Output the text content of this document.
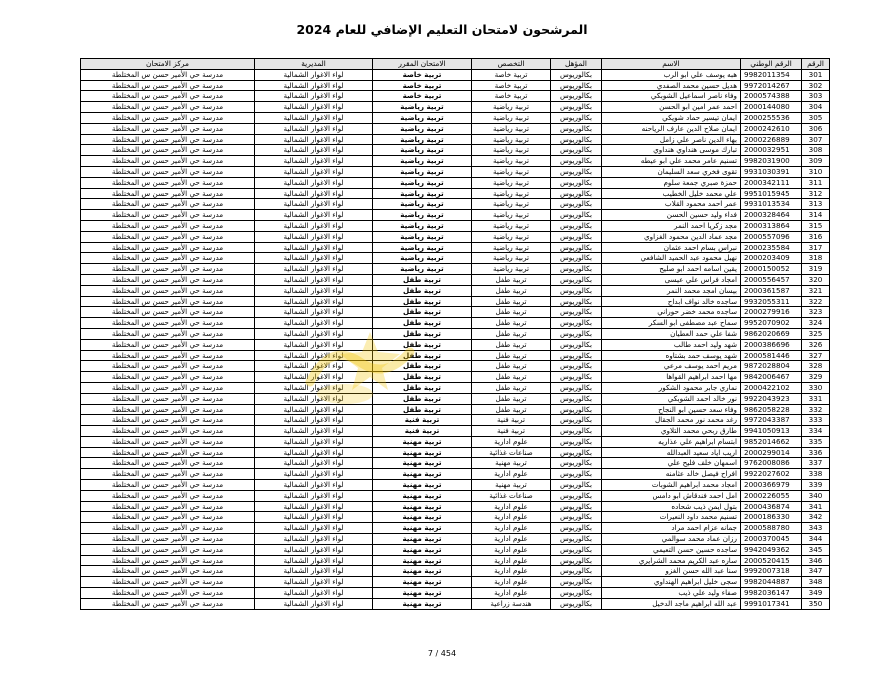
المرشحون لامتحان التعليم الإضافي للعام 2024
الرقم	الرقم الوطني	الاسم	المؤهل	التخصص	الامتحان المقرر	المديرية	مركز الامتحان
301	9982011354	هبه يوسف علي ابو الرب	بكالوريوس	تربية خاصة	تربية خاصة	لواء الاغوار الشمالية	مدرسة حي الأمير حسن س المختلطة
302	9972014267	هديل حسين محمد الصفدي	بكالوريوس	تربية خاصة	تربية خاصة	لواء الاغوار الشمالية	مدرسة حي الأمير حسن س المختلطة
303	2000574388	وفاء ناصر اسماعيل الشوبكي	بكالوريوس	تربية خاصة	تربية خاصة	لواء الاغوار الشمالية	مدرسة حي الأمير حسن س المختلطة
304	2000144080	احمد عمر امين ابو الحسن	بكالوريوس	تربية رياضية	تربية رياضية	لواء الاغوار الشمالية	مدرسة حي الأمير حسن س المختلطة
305	2000255536	ايمان تيسير حماد شويكي	بكالوريوس	تربية رياضية	تربية رياضية	لواء الاغوار الشمالية	مدرسة حي الأمير حسن س المختلطة
306	2000242610	ايمان صلاح الدين عارف الرياحنه	بكالوريوس	تربية رياضية	تربية رياضية	لواء الاغوار الشمالية	مدرسة حي الأمير حسن س المختلطة
307	2000226889	بهاء الدين ناصر علي زامل	بكالوريوس	تربية رياضية	تربية رياضية	لواء الاغوار الشمالية	مدرسة حي الأمير حسن س المختلطة
308	2000032951	تبارك موسى هنداوي هنداوي	بكالوريوس	تربية رياضية	تربية رياضية	لواء الاغوار الشمالية	مدرسة حي الأمير حسن س المختلطة
309	9982031900	تسنيم عامر محمد علي ابو عيطه	بكالوريوس	تربية رياضية	تربية رياضية	لواء الاغوار الشمالية	مدرسة حي الأمير حسن س المختلطة
310	9931030391	تقوى فخري سعد السليمان	بكالوريوس	تربية رياضية	تربية رياضية	لواء الاغوار الشمالية	مدرسة حي الأمير حسن س المختلطة
311	2000342111	حمزة صبري جمعة سلوم	بكالوريوس	تربية رياضية	تربية رياضية	لواء الاغوار الشمالية	مدرسة حي الأمير حسن س المختلطة
312	9951015945	علي محمد خليل الخطيب	بكالوريوس	تربية رياضية	تربية رياضية	لواء الاغوار الشمالية	مدرسة حي الأمير حسن س المختلطة
313	9931013534	عمر احمد محمود القلاب	بكالوريوس	تربية رياضية	تربية رياضية	لواء الاغوار الشمالية	مدرسة حي الأمير حسن س المختلطة
314	2000328464	فداء وليد حسين الحسن	بكالوريوس	تربية رياضية	تربية رياضية	لواء الاغوار الشمالية	مدرسة حي الأمير حسن س المختلطة
315	2000313864	مجد زكريا احمد النمر	بكالوريوس	تربية رياضية	تربية رياضية	لواء الاغوار الشمالية	مدرسة حي الأمير حسن س المختلطة
316	2000557096	مجد عماد الدين محمود الغزاوي	بكالوريوس	تربية رياضية	تربية رياضية	لواء الاغوار الشمالية	مدرسة حي الأمير حسن س المختلطة
317	2000235584	نبراس بسام احمد عثمان	بكالوريوس	تربية رياضية	تربية رياضية	لواء الاغوار الشمالية	مدرسة حي الأمير حسن س المختلطة
318	2000203409	نهيل محمود عبد الحميد الشافعي	بكالوريوس	تربية رياضية	تربية رياضية	لواء الاغوار الشمالية	مدرسة حي الأمير حسن س المختلطة
319	2000150052	يقين اسامه احمد ابو صليح	بكالوريوس	تربية رياضية	تربية رياضية	لواء الاغوار الشمالية	مدرسة حي الأمير حسن س المختلطة
320	2000556457	امجاد فراس علي عيسى	بكالوريوس	تربية طفل	تربية طفل	لواء الاغوار الشمالية	مدرسة حي الأمير حسن س المختلطة
321	2000361587	بيسان امجد محمد النمر	بكالوريوس	تربية طفل	تربية طفل	لواء الاغوار الشمالية	مدرسة حي الأمير حسن س المختلطة
322	9932055311	ساجده خالد نواف ابداح	بكالوريوس	تربية طفل	تربية طفل	لواء الاغوار الشمالية	مدرسة حي الأمير حسن س المختلطة
323	2000279916	ساجده محمد خضر حوراني	بكالوريوس	تربية طفل	تربية طفل	لواء الاغوار الشمالية	مدرسة حي الأمير حسن س المختلطة
324	9952070902	سماح عبد مصطفى ابو السكر	بكالوريوس	تربية طفل	تربية طفل	لواء الاغوار الشمالية	مدرسة حي الأمير حسن س المختلطة
325	9862020669	شفا علي حمد العطيان	بكالوريوس	تربية طفل	تربية طفل	لواء الاغوار الشمالية	مدرسة حي الأمير حسن س المختلطة
326	2000386696	شهد وليد احمد طالب	بكالوريوس	تربية طفل	تربية طفل	لواء الاغوار الشمالية	مدرسة حي الأمير حسن س المختلطة
327	2000581446	شهد يوسف حمد بشتاوه	بكالوريوس	تربية طفل	تربية طفل	لواء الاغوار الشمالية	مدرسة حي الأمير حسن س المختلطة
328	9872028804	مريم احمد يوسف مرعي	بكالوريوس	تربية طفل	تربية طفل	لواء الاغوار الشمالية	مدرسة حي الأمير حسن س المختلطة
329	9842006467	مها احمد ابراهيم القواها	بكالوريوس	تربية طفل	تربية طفل	لواء الاغوار الشمالية	مدرسة حي الأمير حسن س المختلطة
330	2000422102	نماري جابر محمود الشكور	بكالوريوس	تربية طفل	تربية طفل	لواء الاغوار الشمالية	مدرسة حي الأمير حسن س المختلطة
331	9922043923	نور خالد احمد الشوبكي	بكالوريوس	تربية طفل	تربية طفل	لواء الاغوار الشمالية	مدرسة حي الأمير حسن س المختلطة
332	9862058228	وفاء سعد حسين ابو النجاح	بكالوريوس	تربية طفل	تربية طفل	لواء الاغوار الشمالية	مدرسة حي الأمير حسن س المختلطة
333	9972043387	رغد محمد نور محمد الجقال	بكالوريوس	تربية فنية	تربية فنية	لواء الاغوار الشمالية	مدرسة حي الأمير حسن س المختلطة
334	9941050913	طارق ربحي محمد التلاوي	بكالوريوس	تربية فنية	تربية فنية	لواء الاغوار الشمالية	مدرسة حي الأمير حسن س المختلطة
335	9852014662	ابتسام ابراهيم علي عذاريه	بكالوريوس	علوم ادارية	تربية مهنية	لواء الاغوار الشمالية	مدرسة حي الأمير حسن س المختلطة
336	2000299014	اريب اياد سعيد العبدالله	بكالوريوس	صناعات غذائية	تربية مهنية	لواء الاغوار الشمالية	مدرسة حي الأمير حسن س المختلطة
337	9762008086	اسمهان خلف فليح علي	بكالوريوس	تربية مهنية	تربية مهنية	لواء الاغوار الشمالية	مدرسة حي الأمير حسن س المختلطة
338	9922027602	افراح فيصل خالد عثامنه	بكالوريوس	علوم ادارية	تربية مهنية	لواء الاغوار الشمالية	مدرسة حي الأمير حسن س المختلطة
339	2000366979	امجاد محمد ابراهيم الشوبات	بكالوريوس	تربية مهنية	تربية مهنية	لواء الاغوار الشمالية	مدرسة حي الأمير حسن س المختلطة
340	2000226055	امل احمد فندقاش ابو دامس	بكالوريوس	صناعات غذائية	تربية مهنية	لواء الاغوار الشمالية	مدرسة حي الأمير حسن س المختلطة
341	2000436874	بتول ايمن ذيب شحاده	بكالوريوس	علوم ادارية	تربية مهنية	لواء الاغوار الشمالية	مدرسة حي الأمير حسن س المختلطة
342	2000186330	تسنيم محمد داود النعيرات	بكالوريوس	علوم ادارية	تربية مهنية	لواء الاغوار الشمالية	مدرسة حي الأمير حسن س المختلطة
343	2000588780	جمانه عزام احمد مراد	بكالوريوس	علوم ادارية	تربية مهنية	لواء الاغوار الشمالية	مدرسة حي الأمير حسن س المختلطة
344	2000370045	رزان عماد محمد سوالمي	بكالوريوس	علوم ادارية	تربية مهنية	لواء الاغوار الشمالية	مدرسة حي الأمير حسن س المختلطة
345	9942049362	ساجده حسين حسن التعيمي	بكالوريوس	علوم ادارية	تربية مهنية	لواء الاغوار الشمالية	مدرسة حي الأمير حسن س المختلطة
346	2000520415	ساره عبد الكريم محمد الشرايري	بكالوريوس	علوم ادارية	تربية مهنية	لواء الاغوار الشمالية	مدرسة حي الأمير حسن س المختلطة
347	9992007318	سنا عبد الله حسن الغزو	بكالوريوس	علوم ادارية	تربية مهنية	لواء الاغوار الشمالية	مدرسة حي الأمير حسن س المختلطة
348	9982044887	سجى خليل ابراهيم الهنداوي	بكالوريوس	علوم ادارية	تربية مهنية	لواء الاغوار الشمالية	مدرسة حي الأمير حسن س المختلطة
349	9982036147	صفاء وليد علي ذيب	بكالوريوس	علوم ادارية	تربية مهنية	لواء الاغوار الشمالية	مدرسة حي الأمير حسن س المختلطة
350	9991017341	عبد الله ابراهيم ماجد الدخيل	بكالوريوس	هندسة زراعية	تربية مهنية	لواء الاغوار الشمالية	مدرسة حي الأمير حسن س المختلطة
7 / 454
